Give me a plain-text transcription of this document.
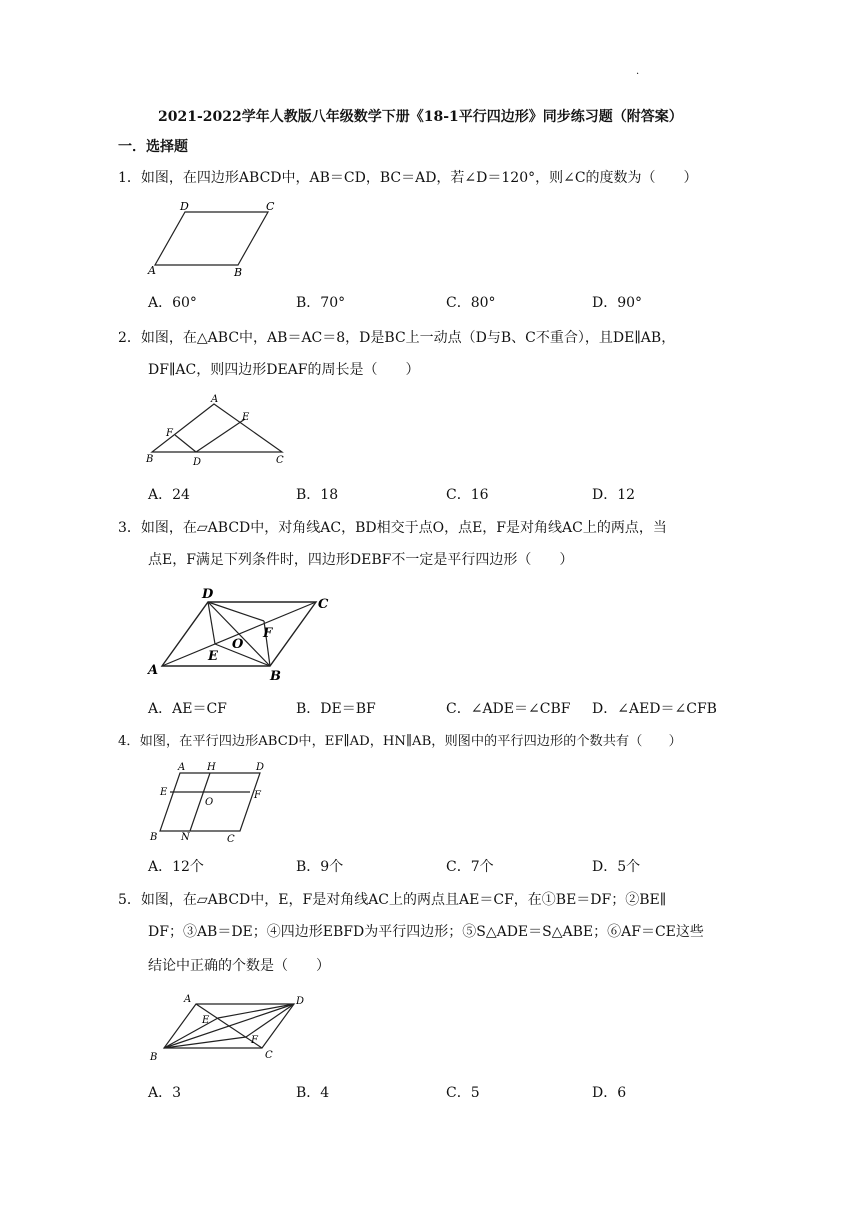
.
2021-2022学年人教版八年级数学下册《18-1平行四边形》同步练习题（附答案）
一．选择题
1．如图，在四边形ABCD中，AB＝CD，BC＝AD，若∠D＝120°，则∠C的度数为（　　）
D	C
A	B
A．60°	B．70°	C．80°	D．90°
2．如图，在△ABC中，AB＝AC＝8，D是BC上一动点（D与B、C不重合），且DE∥AB，
DF∥AC，则四边形DEAF的周长是（　　）
A
E
F
B	D	C
A．24	B．18	C．16	D．12
3．如图，在▱ABCD中，对角线AC，BD相交于点O，点E，F是对角线AC上的两点，当
点E，F满足下列条件时，四边形DEBF不一定是平行四边形（　　）
D
C
F
O
E
A	B
A．AE＝CF	B．DE＝BF	C．∠ADE＝∠CBF D．∠AED＝∠CFB
4．如图，在平行四边形ABCD中，EF∥AD，HN∥AB，则图中的平行四边形的个数共有（　　）
A H	D
E
O
F
B N	C
A．12个	B．9个	C．7个	D．5个
5．如图，在▱ABCD中，E，F是对角线AC上的两点且AE＝CF，在①BE＝DF；②BE∥
DF；③AB＝DE；④四边形EBFD为平行四边形；⑤S△ADE＝S△ABE；⑥AF＝CE这些
结论中正确的个数是（　　）
A	D
E
F
B	C
A．3	B．4	C．5	D．6
